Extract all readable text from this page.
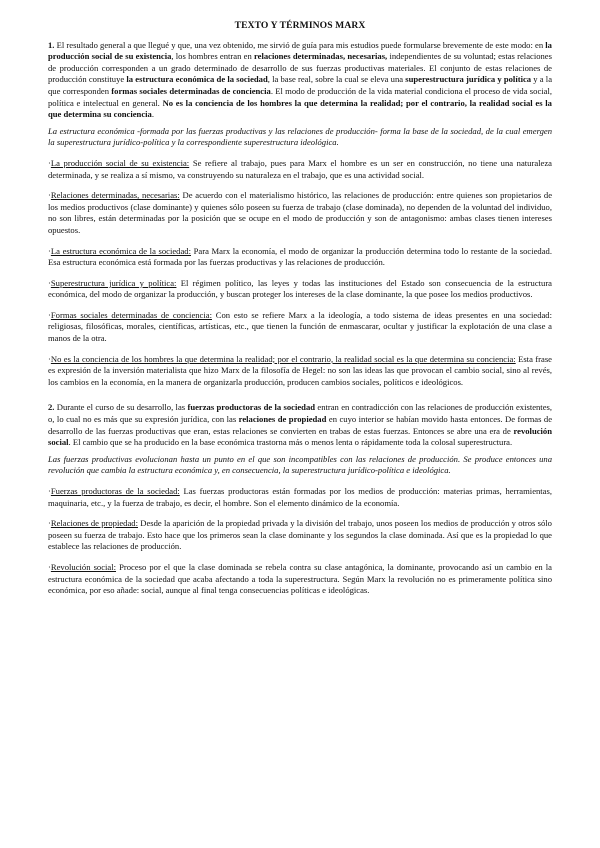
TEXTO Y TÉRMINOS MARX

1. El resultado general a que llegué y que, una vez obtenido, me sirvió de guía para mis estudios puede formularse brevemente de este modo: en la producción social de su existencia, los hombres entran en relaciones determinadas, necesarias, independientes de su voluntad; estas relaciones de producción corresponden a un grado determinado de desarrollo de sus fuerzas productivas materiales. El conjunto de estas relaciones de producción constituye la estructura económica de la sociedad, la base real, sobre la cual se eleva una superestructura jurídica y política y a la que corresponden formas sociales determinadas de conciencia. El modo de producción de la vida material condiciona el proceso de vida social, política e intelectual en general. No es la conciencia de los hombres la que determina la realidad; por el contrario, la realidad social es la que determina su conciencia.

La estructura económica -formada por las fuerzas productivas y las relaciones de producción- forma la base de la sociedad, de la cual emergen la superestructura jurídico-política y la correspondiente superestructura ideológica.

·La producción social de su existencia: Se refiere al trabajo, pues para Marx el hombre es un ser en construcción, no tiene una naturaleza determinada, y se realiza a sí mismo, va construyendo su naturaleza en el trabajo, que es una actividad social.

·Relaciones determinadas, necesarias: De acuerdo con el materialismo histórico, las relaciones de producción: entre quienes son propietarios de los medios productivos (clase dominante) y quienes sólo poseen su fuerza de trabajo (clase dominada), no dependen de la voluntad del individuo, no son libres, están determinadas por la posición que se ocupe en el modo de producción y son de antagonismo: ambas clases tienen intereses opuestos.

·La estructura económica de la sociedad: Para Marx la economía, el modo de organizar la producción determina todo lo restante de la sociedad. Esa estructura económica está formada por las fuerzas productivas y las relaciones de producción.

·Superestructura jurídica y política: El régimen político, las leyes y todas las instituciones del Estado son consecuencia de la estructura económica, del modo de organizar la producción, y buscan proteger los intereses de la clase dominante, la que posee los medios productivos.

·Formas sociales determinadas de conciencia: Con esto se refiere Marx a la ideología, a todo sistema de ideas presentes en una sociedad: religiosas, filosóficas, morales, científicas, artísticas, etc., que tienen la función de enmascarar, ocultar y justificar la explotación de una clase a manos de la otra.

·No es la conciencia de los hombres la que determina la realidad; por el contrario, la realidad social es la que determina su conciencia: Esta frase es expresión de la inversión materialista que hizo Marx de la filosofía de Hegel: no son las ideas las que provocan el cambio social, sino al revés, los cambios en la economía, en la manera de organizarla producción, producen cambios sociales, políticos e ideológicos.

2. Durante el curso de su desarrollo, las fuerzas productoras de la sociedad entran en contradicción con las relaciones de producción existentes, o, lo cual no es más que su expresión jurídica, con las relaciones de propiedad en cuyo interior se habían movido hasta entonces. De formas de desarrollo de las fuerzas productivas que eran, estas relaciones se convierten en trabas de estas fuerzas. Entonces se abre una era de revolución social. El cambio que se ha producido en la base económica trastorna más o menos lenta o rápidamente toda la colosal superestructura.

Las fuerzas productivas evolucionan hasta un punto en el que son incompatibles con las relaciones de producción. Se produce entonces una revolución que cambia la estructura económica y, en consecuencia, la superestructura jurídico-política e ideológica.

·Fuerzas productoras de la sociedad: Las fuerzas productoras están formadas por los medios de producción: materias primas, herramientas, maquinaria, etc., y la fuerza de trabajo, es decir, el hombre. Son el elemento dinámico de la economía.

·Relaciones de propiedad: Desde la aparición de la propiedad privada y la división del trabajo, unos poseen los medios de producción y otros sólo poseen su fuerza de trabajo. Esto hace que los primeros sean la clase dominante y los segundos la clase dominada. Así que es la propiedad lo que establece las relaciones de producción.

·Revolución social: Proceso por el que la clase dominada se rebela contra su clase antagónica, la dominante, provocando así un cambio en la estructura económica de la sociedad que acaba afectando a toda la superestructura. Según Marx la revolución no es primeramente política sino económica, por eso añade: social, aunque al final tenga consecuencias políticas e ideológicas.
